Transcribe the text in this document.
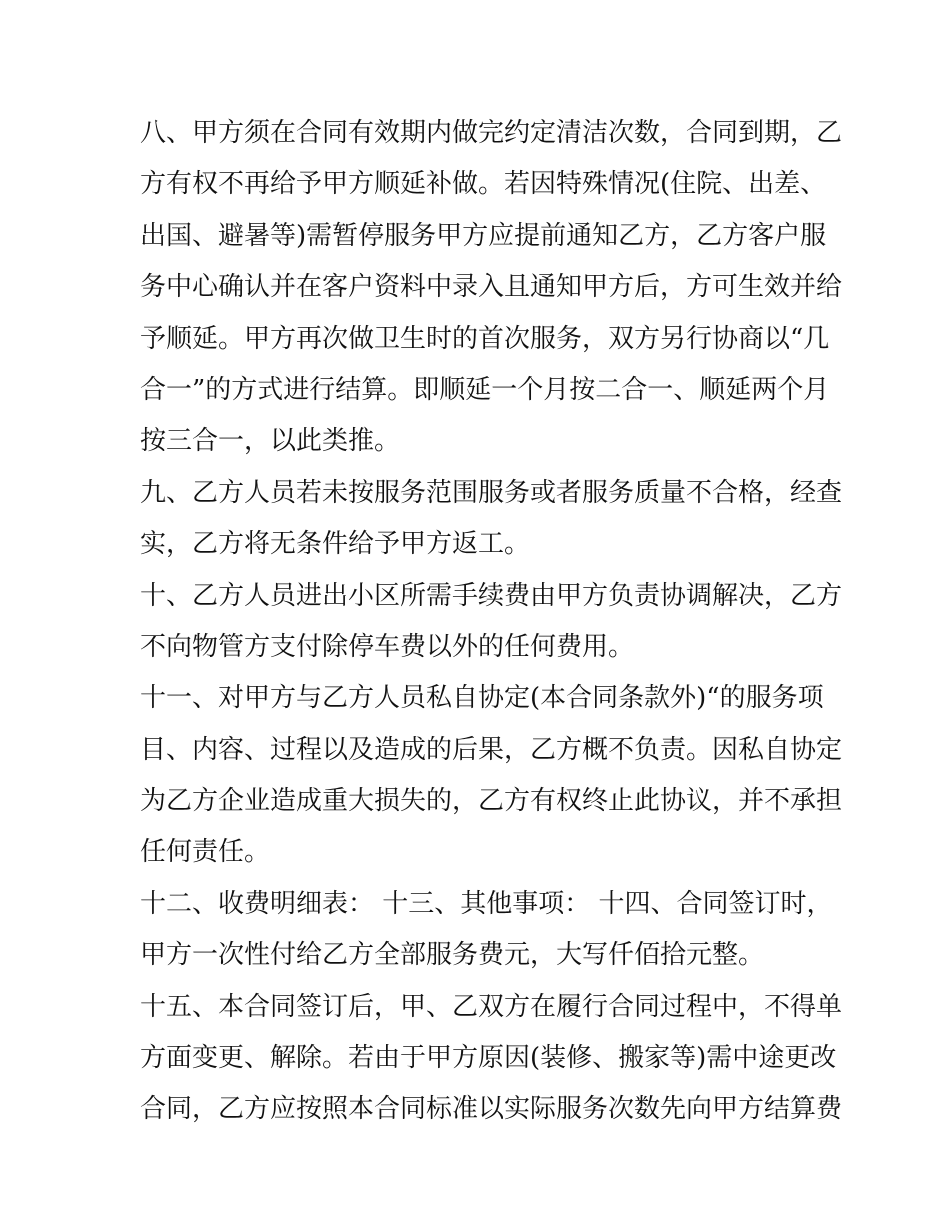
八、甲方须在合同有效期内做完约定清洁次数，合同到期，乙
方有权不再给予甲方顺延补做。若因特殊情况(住院、出差、
出国、避暑等)需暂停服务甲方应提前通知乙方，乙方客户服
务中心确认并在客户资料中录入且通知甲方后，方可生效并给
予顺延。甲方再次做卫生时的首次服务，双方另行协商以“几
合一”的方式进行结算。即顺延一个月按二合一、顺延两个月
按三合一，以此类推。
九、乙方人员若未按服务范围服务或者服务质量不合格，经查
实，乙方将无条件给予甲方返工。
十、乙方人员进出小区所需手续费由甲方负责协调解决，乙方
不向物管方支付除停车费以外的任何费用。
十一、对甲方与乙方人员私自协定(本合同条款外)“的服务项
目、内容、过程以及造成的后果，乙方概不负责。因私自协定
为乙方企业造成重大损失的，乙方有权终止此协议，并不承担
任何责任。
十二、收费明细表： 十三、其他事项： 十四、合同签订时，
甲方一次性付给乙方全部服务费元，大写仟佰拾元整。
十五、本合同签订后，甲、乙双方在履行合同过程中，不得单
方面变更、解除。若由于甲方原因(装修、搬家等)需中途更改
合同，乙方应按照本合同标准以实际服务次数先向甲方结算费
